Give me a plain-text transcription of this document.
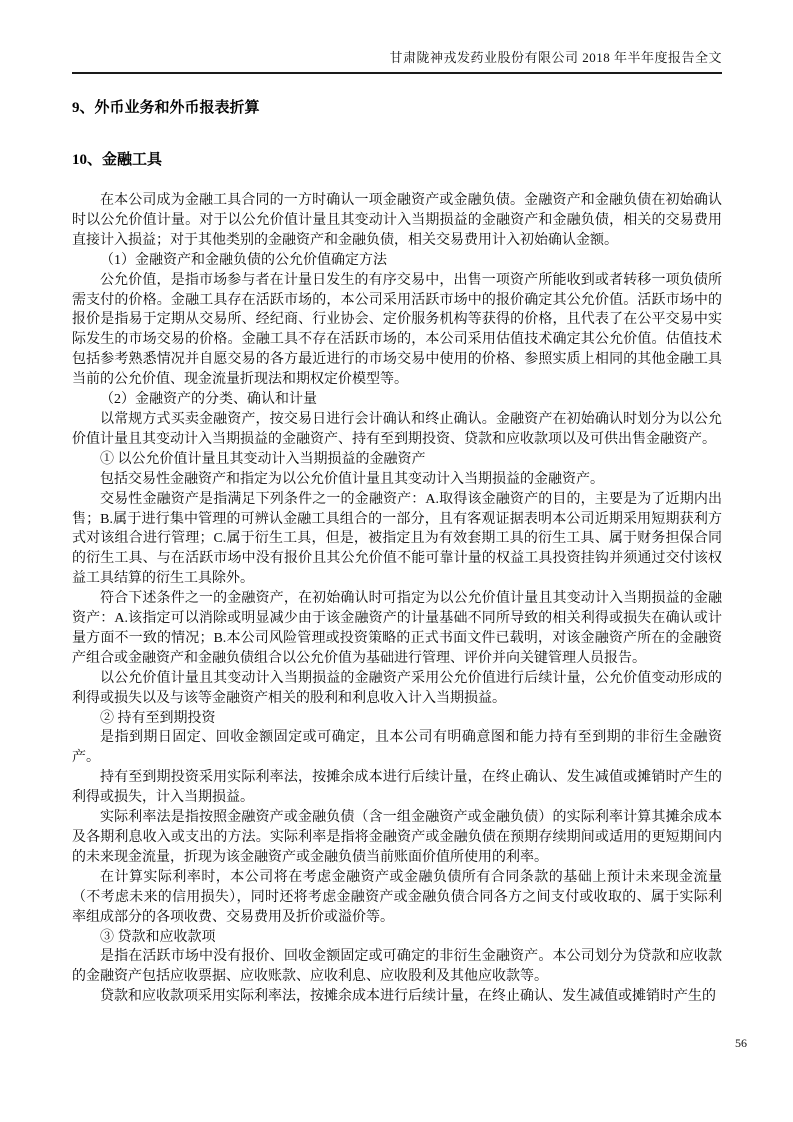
甘肃陇神戎发药业股份有限公司 2018 年半年度报告全文
9、外币业务和外币报表折算
10、金融工具

在本公司成为金融工具合同的一方时确认一项金融资产或金融负债。金融资产和金融负债在初始确认时以公允价值计量。对于以公允价值计量且其变动计入当期损益的金融资产和金融负债，相关的交易费用直接计入损益；对于其他类别的金融资产和金融负债，相关交易费用计入初始确认金额。

（1）金融资产和金融负债的公允价值确定方法

公允价值，是指市场参与者在计量日发生的有序交易中，出售一项资产所能收到或者转移一项负债所需支付的价格。金融工具存在活跃市场的，本公司采用活跃市场中的报价确定其公允价值。活跃市场中的报价是指易于定期从交易所、经纪商、行业协会、定价服务机构等获得的价格，且代表了在公平交易中实际发生的市场交易的价格。金融工具不存在活跃市场的，本公司采用估值技术确定其公允价值。估值技术包括参考熟悉情况并自愿交易的各方最近进行的市场交易中使用的价格、参照实质上相同的其他金融工具当前的公允价值、现金流量折现法和期权定价模型等。

（2）金融资产的分类、确认和计量

以常规方式买卖金融资产，按交易日进行会计确认和终止确认。金融资产在初始确认时划分为以公允价值计量且其变动计入当期损益的金融资产、持有至到期投资、贷款和应收款项以及可供出售金融资产。

① 以公允价值计量且其变动计入当期损益的金融资产

包括交易性金融资产和指定为以公允价值计量且其变动计入当期损益的金融资产。

交易性金融资产是指满足下列条件之一的金融资产：A.取得该金融资产的目的，主要是为了近期内出售；B.属于进行集中管理的可辨认金融工具组合的一部分，且有客观证据表明本公司近期采用短期获利方式对该组合进行管理；C.属于衍生工具，但是，被指定且为有效套期工具的衍生工具、属于财务担保合同的衍生工具、与在活跃市场中没有报价且其公允价值不能可靠计量的权益工具投资挂钩并须通过交付该权益工具结算的衍生工具除外。

符合下述条件之一的金融资产，在初始确认时可指定为以公允价值计量且其变动计入当期损益的金融资产：A.该指定可以消除或明显减少由于该金融资产的计量基础不同所导致的相关利得或损失在确认或计量方面不一致的情况；B.本公司风险管理或投资策略的正式书面文件已载明，对该金融资产所在的金融资产组合或金融资产和金融负债组合以公允价值为基础进行管理、评价并向关键管理人员报告。

以公允价值计量且其变动计入当期损益的金融资产采用公允价值进行后续计量，公允价值变动形成的利得或损失以及与该等金融资产相关的股利和利息收入计入当期损益。

② 持有至到期投资

是指到期日固定、回收金额固定或可确定，且本公司有明确意图和能力持有至到期的非衍生金融资产。

持有至到期投资采用实际利率法，按摊余成本进行后续计量，在终止确认、发生减值或摊销时产生的利得或损失，计入当期损益。

实际利率法是指按照金融资产或金融负债（含一组金融资产或金融负债）的实际利率计算其摊余成本及各期利息收入或支出的方法。实际利率是指将金融资产或金融负债在预期存续期间或适用的更短期间内的未来现金流量，折现为该金融资产或金融负债当前账面价值所使用的利率。

在计算实际利率时，本公司将在考虑金融资产或金融负债所有合同条款的基础上预计未来现金流量（不考虑未来的信用损失），同时还将考虑金融资产或金融负债合同各方之间支付或收取的、属于实际利率组成部分的各项收费、交易费用及折价或溢价等。

③ 贷款和应收款项

是指在活跃市场中没有报价、回收金额固定或可确定的非衍生金融资产。本公司划分为贷款和应收款的金融资产包括应收票据、应收账款、应收利息、应收股利及其他应收款等。

贷款和应收款项采用实际利率法，按摊余成本进行后续计量，在终止确认、发生减值或摊销时产生的

56
